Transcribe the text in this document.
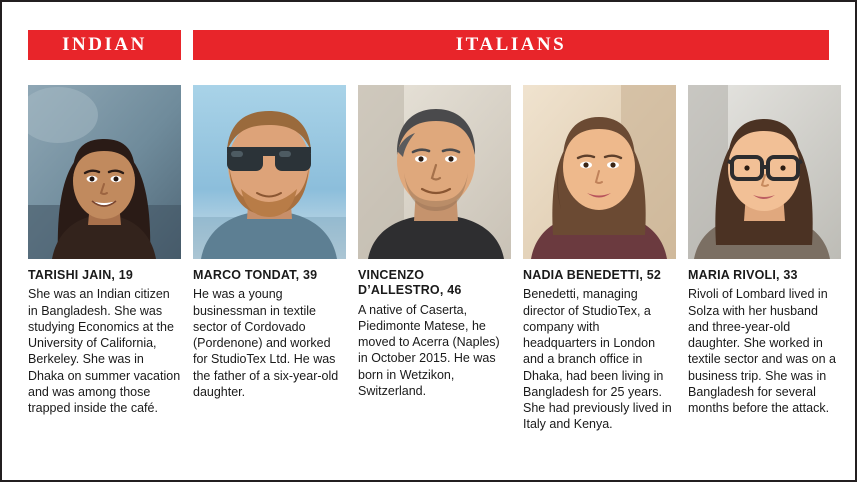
INDIAN	ITALIANS
TARISHI JAIN, 19
She was an Indian citizen in Bangladesh. She was studying Economics at the University of California, Berkeley. She was in Dhaka on summer vacation and was among those trapped inside the café.
MARCO TONDAT, 39
He was a young businessman in textile sector of Cordovado (Pordenone) and worked for StudioTex Ltd. He was the father of a six-year-old daughter.
VINCENZO D’ALLESTRO, 46
A native of Caserta, Piedimonte Matese, he moved to Acerra (Naples) in October 2015. He was born in Wetzikon, Switzerland.
NADIA BENEDETTI, 52
Benedetti, managing director of StudioTex, a company with headquarters in London and a branch office in Dhaka, had been living in Bangladesh for 25 years. She had previously lived in Italy and Kenya.
MARIA RIVOLI, 33
Rivoli of Lombard lived in Solza with her husband and three-year-old daughter. She worked in textile sector and was on a business trip. She was in Bangladesh for several months before the attack.
